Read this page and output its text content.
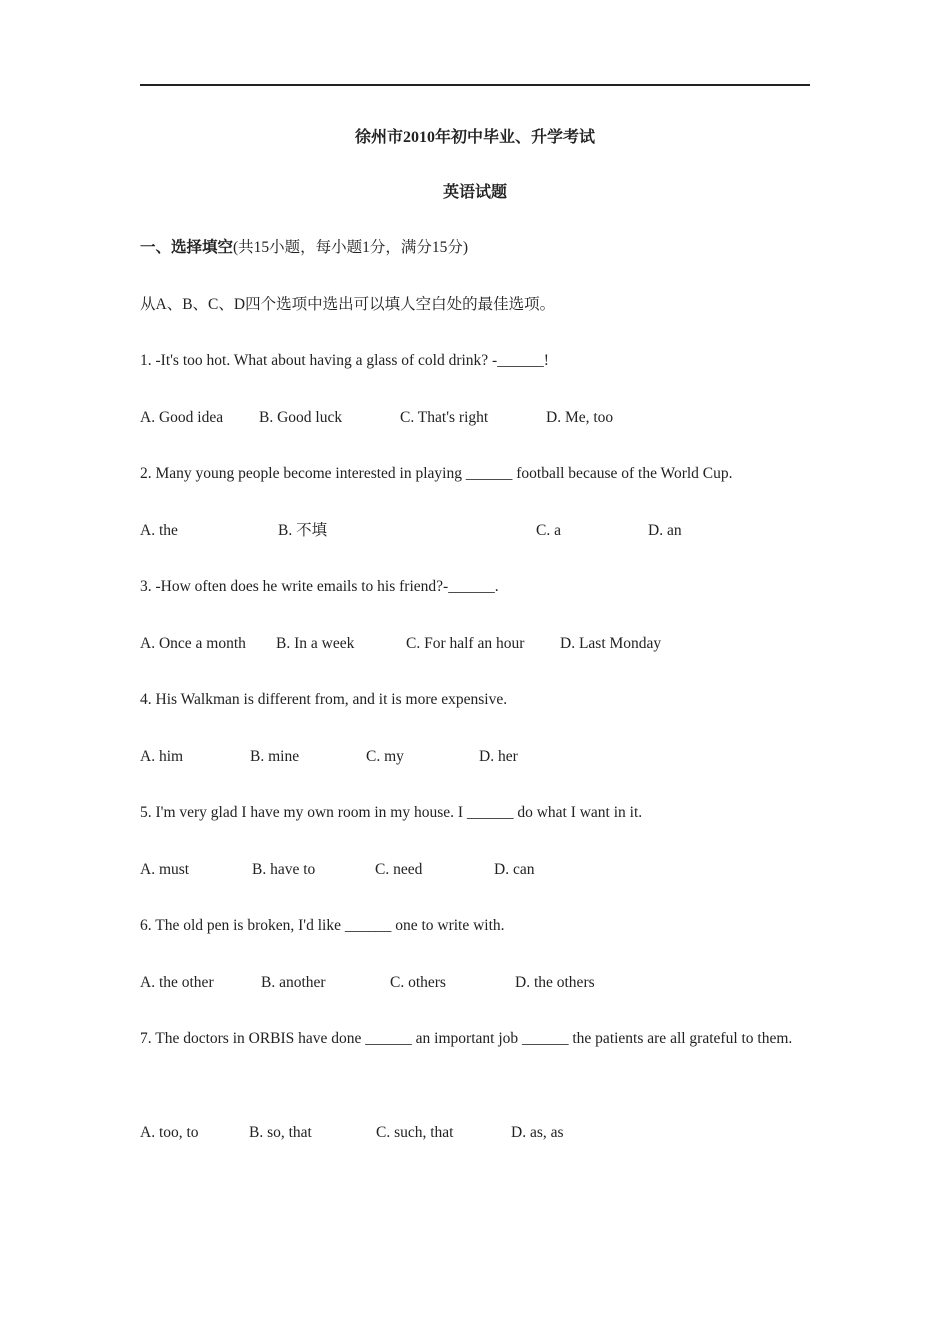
徐州市2010年初中毕业、升学考试
英语试题
一、选择填空(共15小题，每小题1分，满分15分)
从A、B、C、D四个选项中选出可以填人空白处的最佳选项。
1. -It's too hot. What about having a glass of cold drink? -______!
A. Good idea B. Good luck	C. That's right	D. Me, too
2. Many young people become interested in playing ______ football because of the World Cup.
A. the	B. 不填	C. a	D. an
3. -How often does he write emails to his friend?-______.
A. Once a month B. In a week	C. For half an hour D. Last Monday
4. His Walkman is different from, and it is more expensive.
A. him	B. mine	C. my	D. her
5. I'm very glad I have my own room in my house. I ______ do what I want in it.
A. must	B. have to	C. need	D. can
6. The old pen is broken, I'd like ______ one to write with.
A. the other	B. another	C. others	D. the others
7. The doctors in ORBIS have done ______ an important job ______ the patients are all grateful to them.
A. too, to	B. so, that	C. such, that	D. as, as
